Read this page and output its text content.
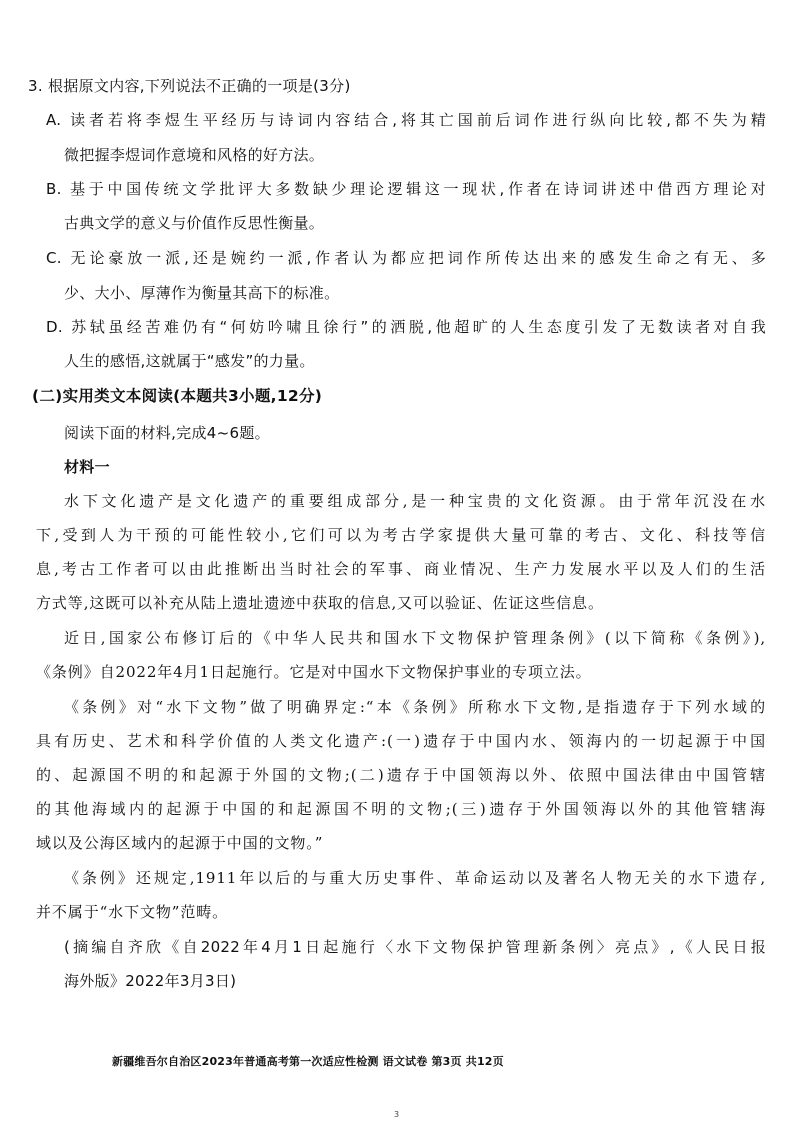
3. 根据原文内容,下列说法不正确的一项是(3分)
A. 读者若将李煜生平经历与诗词内容结合,将其亡国前后词作进行纵向比较,都不失为精
微把握李煜词作意境和风格的好方法。
B. 基于中国传统文学批评大多数缺少理论逻辑这一现状,作者在诗词讲述中借西方理论对
古典文学的意义与价值作反思性衡量。
C. 无论豪放一派,还是婉约一派,作者认为都应把词作所传达出来的感发生命之有无、多
少、大小、厚薄作为衡量其高下的标准。
D. 苏轼虽经苦难仍有“何妨吟啸且徐行”的洒脱,他超旷的人生态度引发了无数读者对自我
人生的感悟,这就属于“感发”的力量。
(二)实用类文本阅读(本题共3小题,12分)
阅读下面的材料,完成4~6题。
材料一
水下文化遗产是文化遗产的重要组成部分,是一种宝贵的文化资源。由于常年沉没在水
下,受到人为干预的可能性较小,它们可以为考古学家提供大量可靠的考古、文化、科技等信
息,考古工作者可以由此推断出当时社会的军事、商业情况、生产力发展水平以及人们的生活
方式等,这既可以补充从陆上遗址遗迹中获取的信息,又可以验证、佐证这些信息。
近日,国家公布修订后的《中华人民共和国水下文物保护管理条例》(以下简称《条例》),
《条例》自2022年4月1日起施行。它是对中国水下文物保护事业的专项立法。
《条例》对“水下文物”做了明确界定:“本《条例》所称水下文物,是指遗存于下列水域的
具有历史、艺术和科学价值的人类文化遗产:(一)遗存于中国内水、领海内的一切起源于中国
的、起源国不明的和起源于外国的文物;(二)遗存于中国领海以外、依照中国法律由中国管辖
的其他海域内的起源于中国的和起源国不明的文物;(三)遗存于外国领海以外的其他管辖海
域以及公海区域内的起源于中国的文物。”
《条例》还规定,1911年以后的与重大历史事件、革命运动以及著名人物无关的水下遗存,
并不属于“水下文物”范畴。
(摘编自齐欣《自2022年4月1日起施行〈水下文物保护管理新条例〉亮点》,《人民日报
海外版》2022年3月3日)
新疆维吾尔自治区2023年普通高考第一次适应性检测 语文试卷 第3页 共12页
3
